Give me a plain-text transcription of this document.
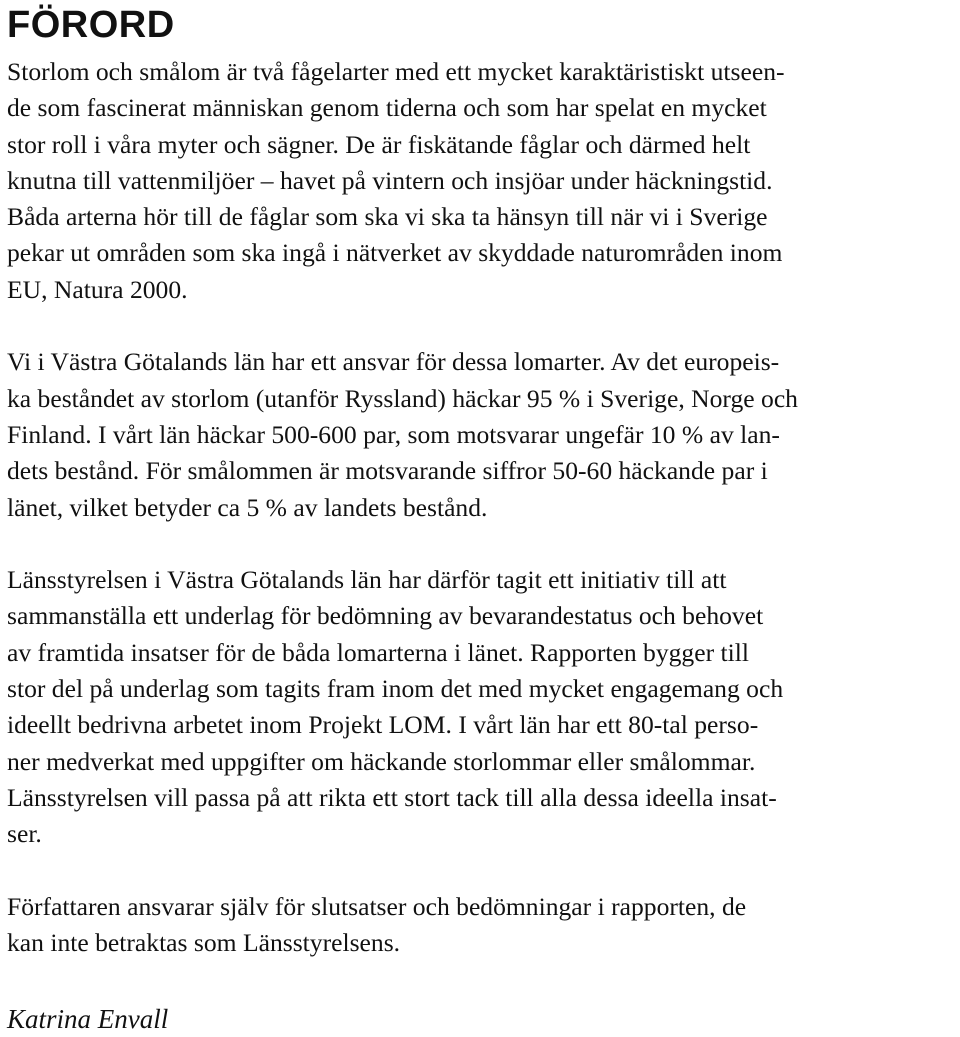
FÖRORD
Storlom och smålom är två fågelarter med ett mycket karaktäristiskt utseen-
de som fascinerat människan genom tiderna och som har spelat en mycket
stor roll i våra myter och sägner. De är fiskätande fåglar och därmed helt
knutna till vattenmiljöer – havet på vintern och insjöar under häckningstid.
Båda arterna hör till de fåglar som ska vi ska ta hänsyn till när vi i Sverige
pekar ut områden som ska ingå i nätverket av skyddade naturområden inom
EU, Natura 2000.
Vi i Västra Götalands län har ett ansvar för dessa lomarter. Av det europeis-
ka beståndet av storlom (utanför Ryssland) häckar 95 % i Sverige, Norge och
Finland. I vårt län häckar 500-600 par, som motsvarar ungefär 10 % av lan-
dets bestånd. För smålommen är motsvarande siffror 50-60 häckande par i
länet, vilket betyder ca 5 % av landets bestånd.
Länsstyrelsen i Västra Götalands län har därför tagit ett initiativ till att
sammanställa ett underlag för bedömning av bevarandestatus och behovet
av framtida insatser för de båda lomarterna i länet. Rapporten bygger till
stor del på underlag som tagits fram inom det med mycket engagemang och
ideellt bedrivna arbetet inom Projekt LOM. I vårt län har ett 80-tal perso-
ner medverkat med uppgifter om häckande storlommar eller smålommar.
Länsstyrelsen vill passa på att rikta ett stort tack till alla dessa ideella insat-
ser.
Författaren ansvarar själv för slutsatser och bedömningar i rapporten, de
kan inte betraktas som Länsstyrelsens.
Katrina Envall
